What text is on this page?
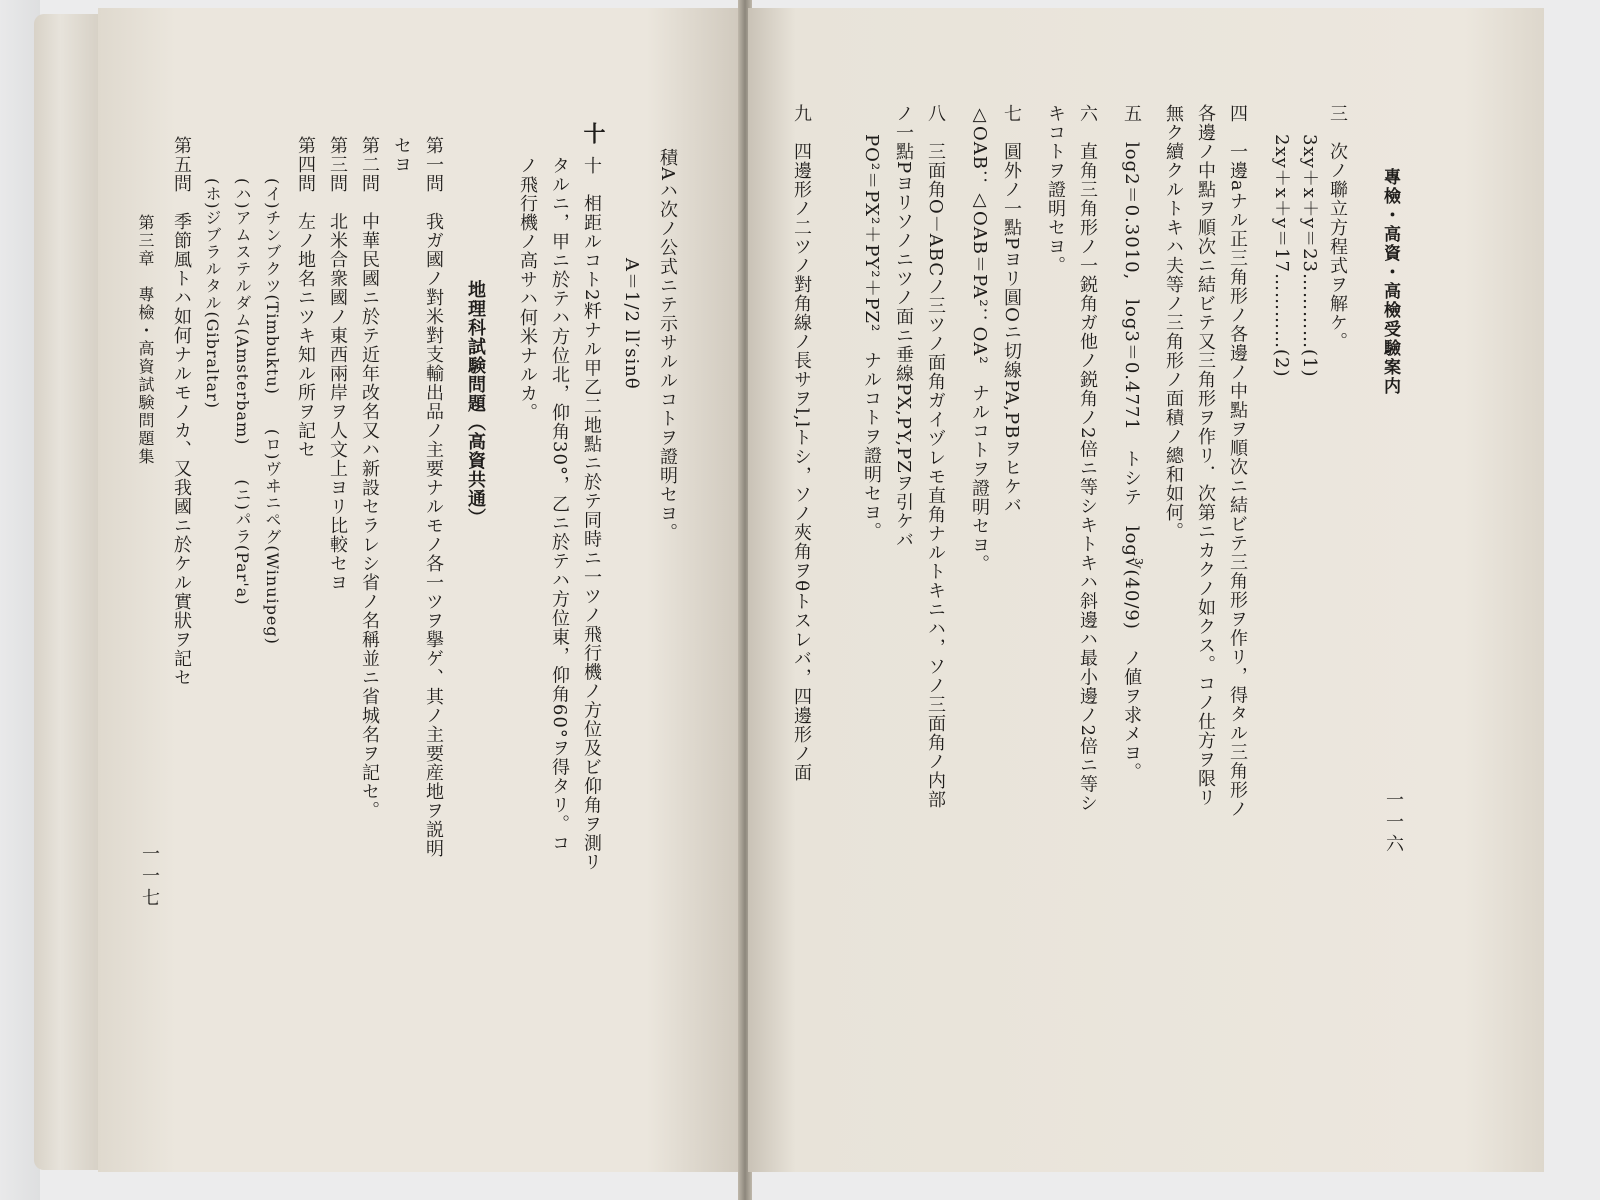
積Aハ次ノ公式ニテ示サルルコトヲ證明セヨ。
A＝1/2 ll′sinθ
十
十　相距ルコト2粁ナル甲乙二地點ニ於テ同時ニ一ツノ飛行機ノ方位及ビ仰角ヲ測リ
タルニ，甲ニ於テハ方位北，仰角30°，乙ニ於テハ方位東，仰角60°ヲ得タリ。コ
ノ飛行機ノ高サハ何米ナルカ。
地理科試験問題（高資共通）
第一問　我ガ國ノ對米對支輸出品ノ主要ナルモノ各一ツヲ擧ゲ、其ノ主要産地ヲ説明
セヨ
第二問　中華民國ニ於テ近年改名又ハ新設セラレシ省ノ名稱並ニ省城名ヲ記セ。
第三問　北米合衆國ノ東西兩岸ヲ人文上ヨリ比較セヨ
第四問　左ノ地名ニツキ知ル所ヲ記セ
(イ)チンブクツ(Timbuktu)　　(ロ)ヴヰニペグ(Winuipeg)
(ハ)アムステルダム(Amsterbam)　　(ニ)パラ(Par'a)
(ホ)ジブラルタル(Gibraltar)
第五問　季節風トハ如何ナルモノカ、又我國ニ於ケル實狀ヲ記セ
第三章　專檢・高資試験問題集
一一七
專檢・高資・高檢受驗案内
一一六
三　次ノ聯立方程式ヲ解ケ。
3xy＋x＋y＝23…………(1)
2xy＋x＋y＝17…………(2)
四　一邊aナル正三角形ノ各邊ノ中點ヲ順次ニ結ビテ三角形ヲ作リ，得タル三角形ノ
各邊ノ中點ヲ順次ニ結ビテ又三角形ヲ作リ．次第ニカクノ如クス。コノ仕方ヲ限リ
無ク續クルトキハ夫等ノ三角形ノ面積ノ總和如何。
五　log2＝0.3010,　log3＝0.4771　トシテ　log∛(40/9)　ノ値ヲ求メヨ。
六　直角三角形ノ一鋭角ガ他ノ鋭角ノ2倍ニ等シキトキハ斜邊ハ最小邊ノ2倍ニ等シ
キコトヲ證明セヨ。
七　圓外ノ一點Pヨリ圓Oニ切線PA,PBヲヒケバ
△OAB：△OAB＝PA²：OA²　ナルコトヲ證明セヨ。
八　三面角O－ABCノ三ツノ面角ガイヅレモ直角ナルトキニハ，ソノ三面角ノ内部
ノ一點Pヨリソノニツノ面ニ垂線PX,PY,PZヲ引ケバ
PO²＝PX²＋PY²＋PZ²　ナルコトヲ證明セヨ。
九　四邊形ノ二ツノ對角線ノ長サヲl,lトシ，ソノ夾角ヲθトスレバ，四邊形ノ面
